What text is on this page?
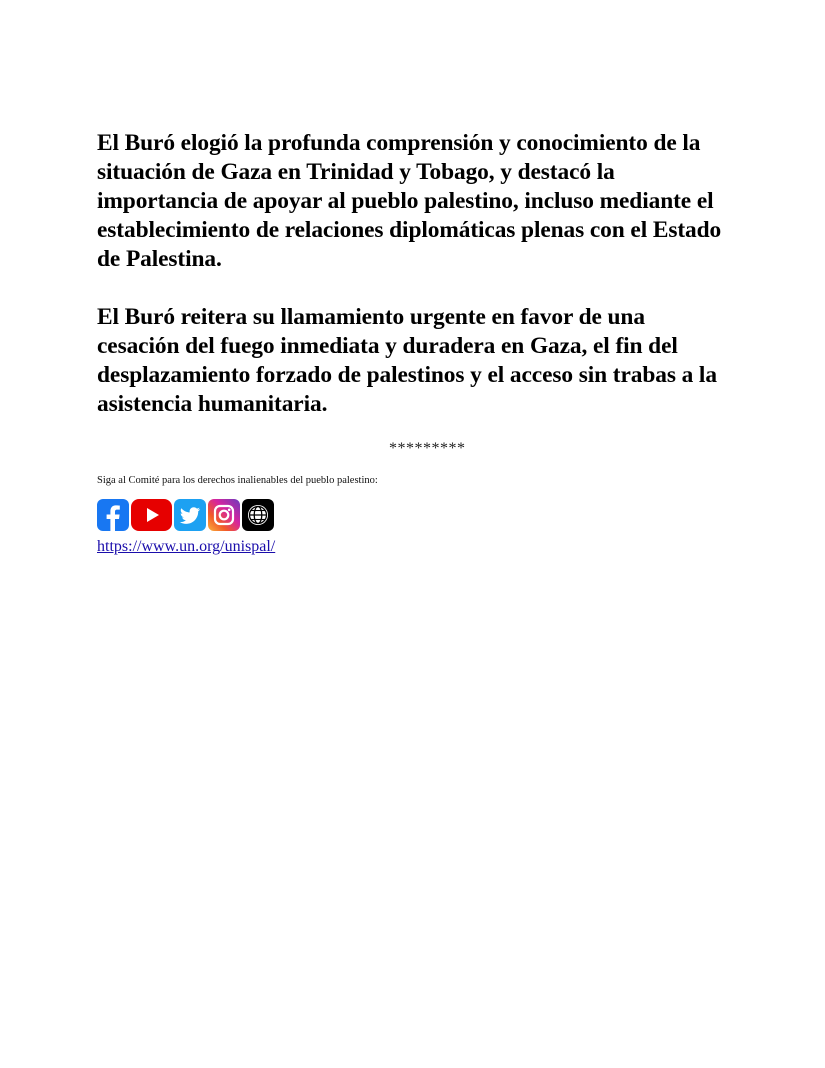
El Buró elogió la profunda comprensión y conocimiento de la situación de Gaza en Trinidad y Tobago, y destacó la importancia de apoyar al pueblo palestino, incluso mediante el establecimiento de relaciones diplomáticas plenas con el Estado de Palestina.

El Buró reitera su llamamiento urgente en favor de una cesación del fuego inmediata y duradera en Gaza, el fin del desplazamiento forzado de palestinos y el acceso sin trabas a la asistencia humanitaria.

*********
Siga al Comité para los derechos inalienables del pueblo palestino:
https://www.un.org/unispal/
